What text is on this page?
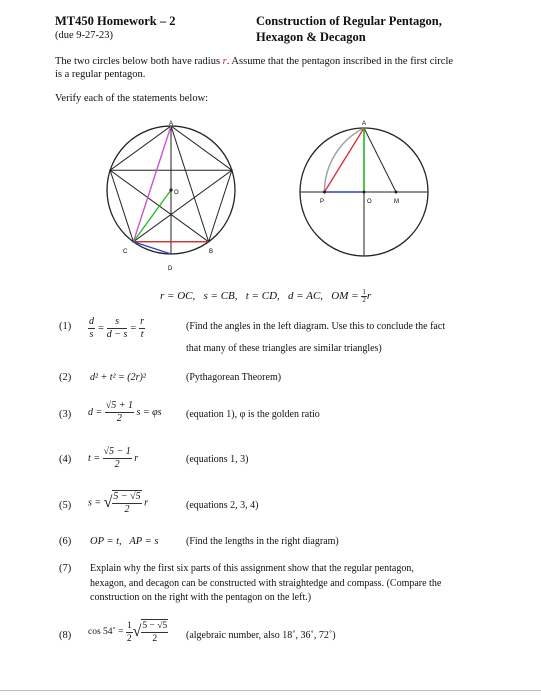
MT450 Homework – 2
(due 9-27-23)
Construction of Regular Pentagon,
Hexagon & Decagon
The two circles below both have radius r. Assume that the pentagon inscribed in the first circle
is a regular pentagon.
Verify each of the statements below:
A
O
C	B
D
A
P	O	M
r = OC, s = CB, t = CD, d = AC, OM = $\frac{1}{2}$ r
$(1) \frac{d}{s} = \frac{s}{d - s} = \frac{r}{t}$	(Find the angles in the left diagram. Use this to conclude the fact
that many of these triangles are similar triangles)
(2) d² + t² = (2r)²	(Pythagorean Theorem)
(3) $d = \frac{√5 + 1}{2}$ s = φs (equation 1), φ is the golden ratio
(4) $t = \frac{√5 - 1}{2}$ r	(equations 1, 3)
(5) s = √ $\frac{5 - √5}{2}$ r	(equations 2, 3, 4)
(6) OP = t,   AP = s	(Find the lengths in the right diagram)
(7) Explain why the first six parts of this assignment show that the regular pentagon,
hexagon, and decagon can be constructed with straightedge and compass. (Compare the
construction on the right with the pentagon on the left.)
(8) cos 54˚ = $\frac{1}{2}$ √ $\frac{5 - √5}{2}$ (algebraic number, also 18˚, 36˚, 72˚)
